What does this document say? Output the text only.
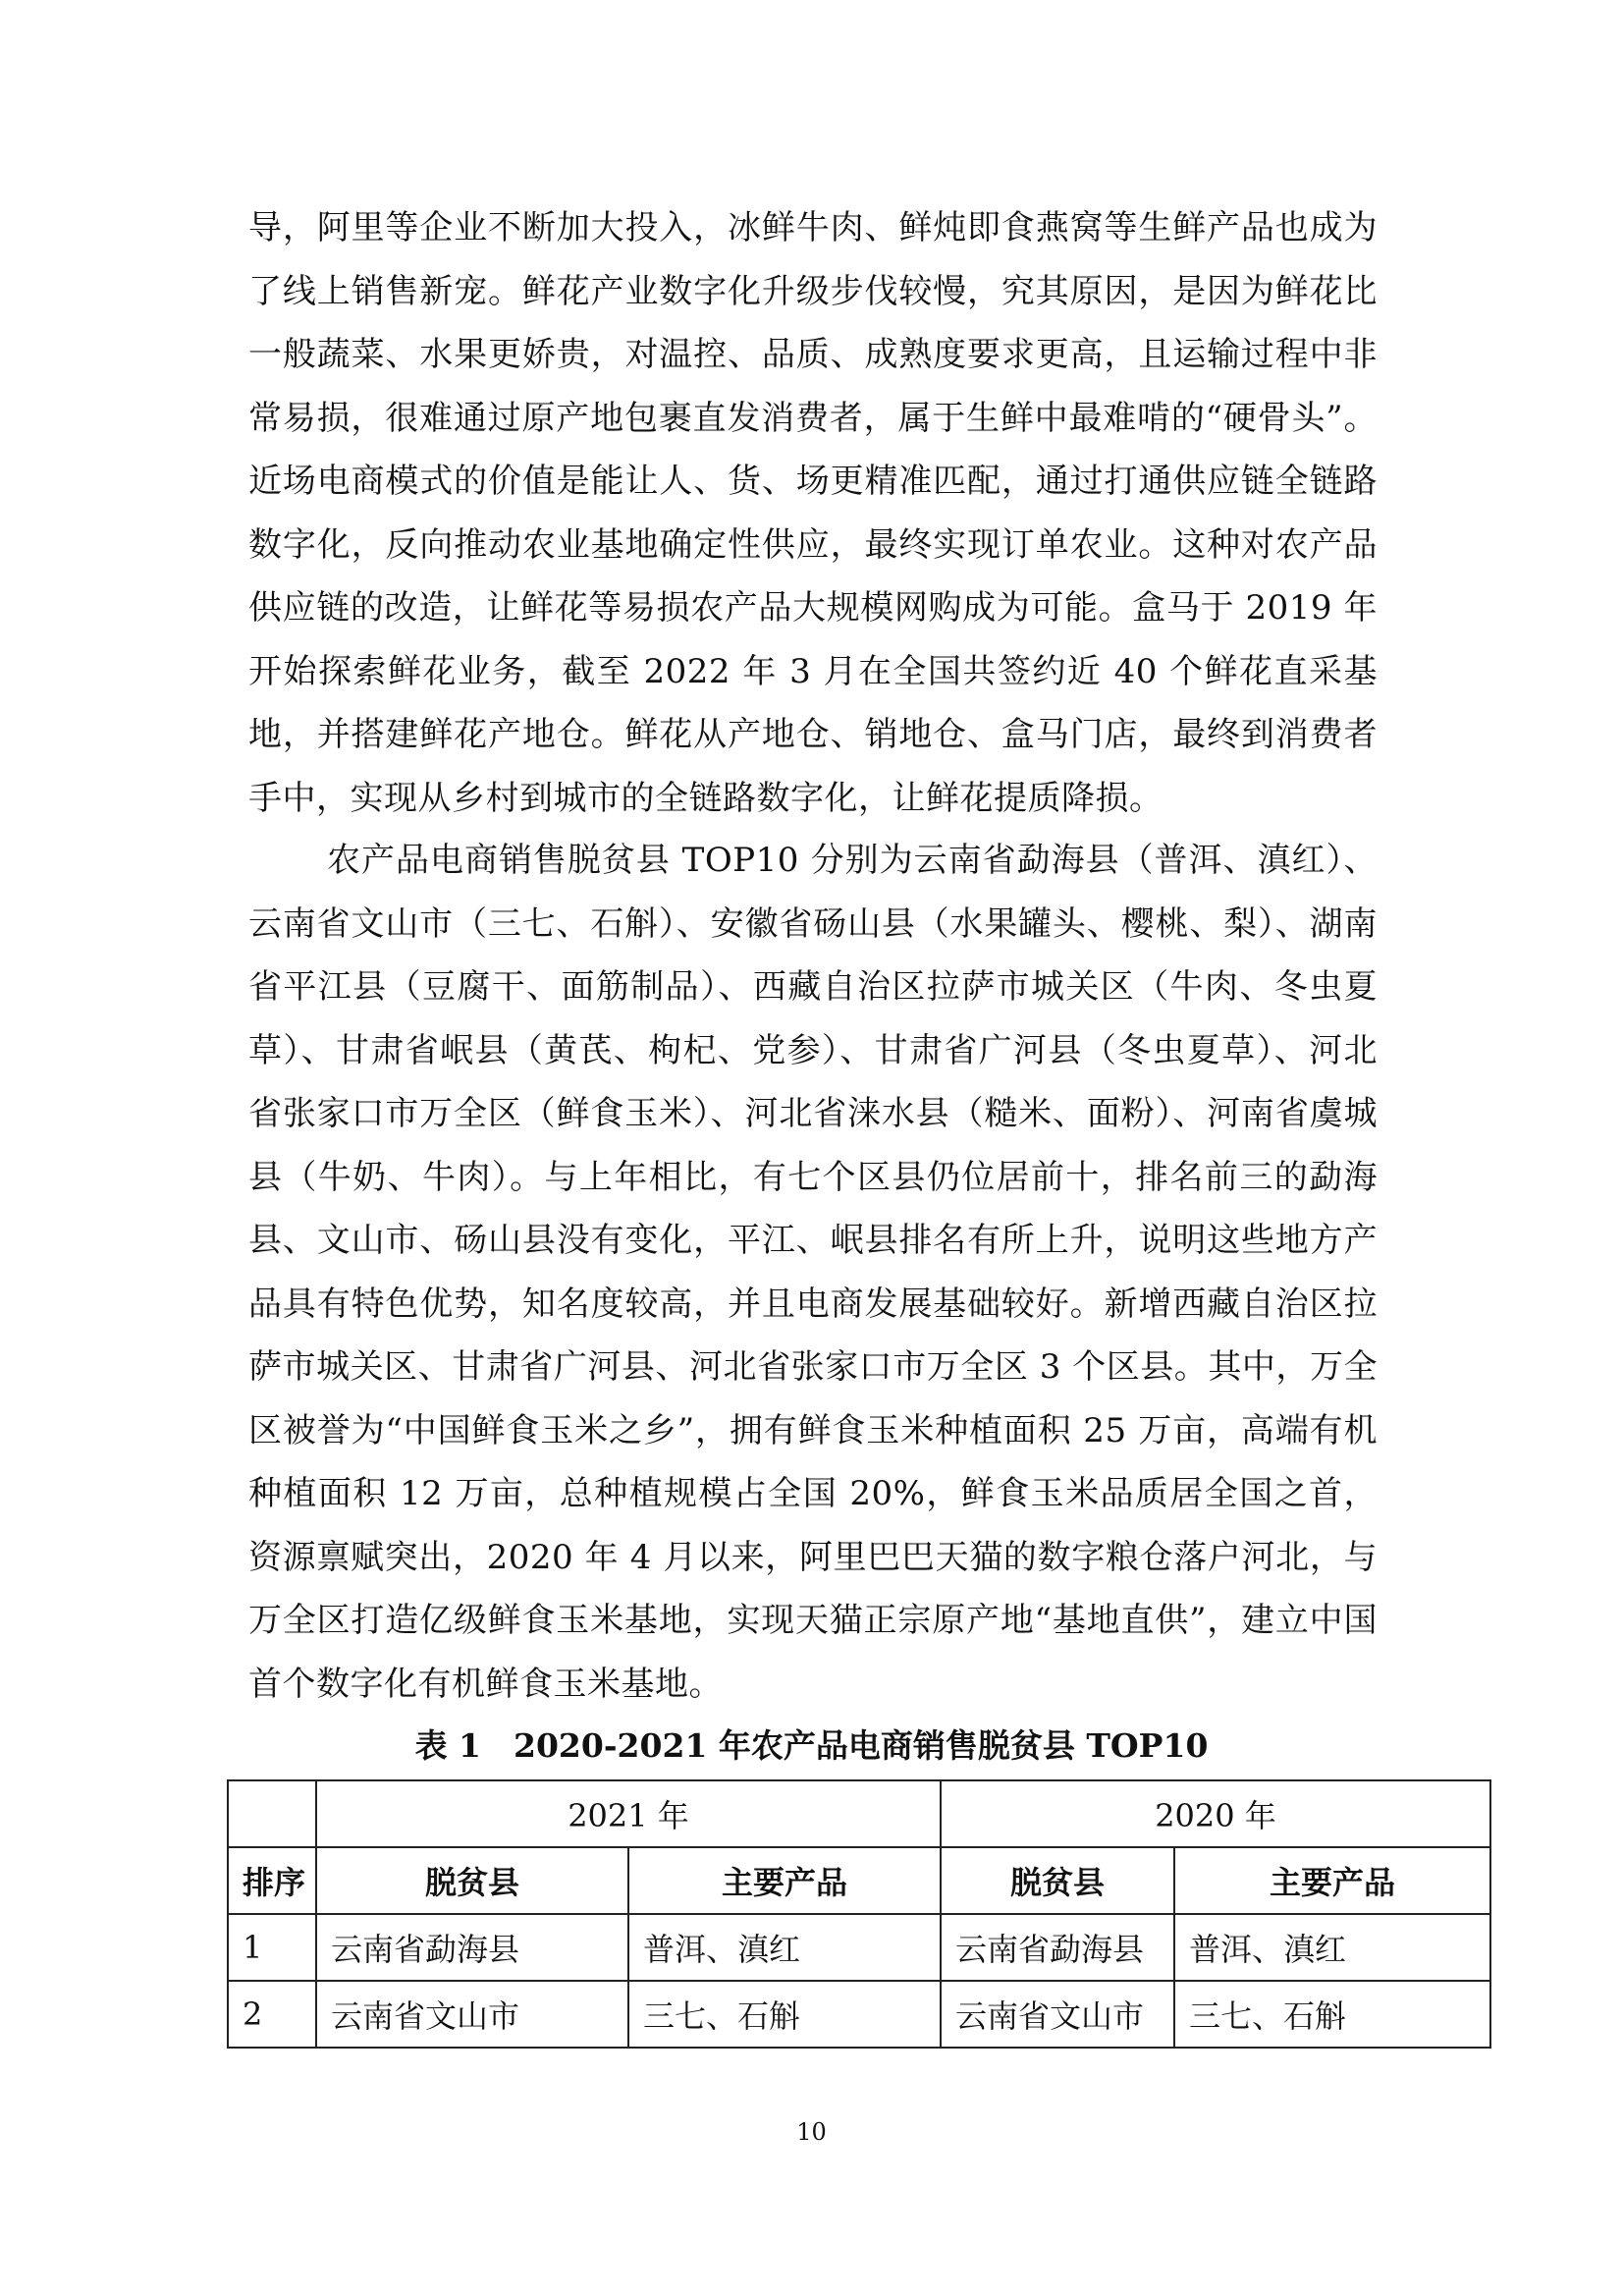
导，阿里等企业不断加大投入，冰鲜牛肉、鲜炖即食燕窝等生鲜产品也成为了线上销售新宠。鲜花产业数字化升级步伐较慢，究其原因，是因为鲜花比一般蔬菜、水果更娇贵，对温控、品质、成熟度要求更高，且运输过程中非常易损，很难通过原产地包裹直发消费者，属于生鲜中最难啃的“硬骨头”。近场电商模式的价值是能让人、货、场更精准匹配，通过打通供应链全链路数字化，反向推动农业基地确定性供应，最终实现订单农业。这种对农产品供应链的改造，让鲜花等易损农产品大规模网购成为可能。盒马于 2019 年开始探索鲜花业务，截至 2022 年 3 月在全国共签约近 40 个鲜花直采基地，并搭建鲜花产地仓。鲜花从产地仓、销地仓、盒马门店，最终到消费者手中，实现从乡村到城市的全链路数字化，让鲜花提质降损。

农产品电商销售脱贫县 TOP10 分别为云南省勐海县（普洱、滇红）、云南省文山市（三七、石斛）、安徽省砀山县（水果罐头、樱桃、梨）、湖南省平江县（豆腐干、面筋制品）、西藏自治区拉萨市城关区（牛肉、冬虫夏草）、甘肃省岷县（黄芪、枸杞、党参）、甘肃省广河县（冬虫夏草）、河北省张家口市万全区（鲜食玉米）、河北省涞水县（糙米、面粉）、河南省虞城县（牛奶、牛肉）。与上年相比，有七个区县仍位居前十，排名前三的勐海县、文山市、砀山县没有变化，平江、岷县排名有所上升，说明这些地方产品具有特色优势，知名度较高，并且电商发展基础较好。新增西藏自治区拉萨市城关区、甘肃省广河县、河北省张家口市万全区 3 个区县。其中，万全区被誉为“中国鲜食玉米之乡”，拥有鲜食玉米种植面积 25 万亩，高端有机种植面积 12 万亩，总种植规模占全国 20%，鲜食玉米品质居全国之首，资源禀赋突出，2020 年 4 月以来，阿里巴巴天猫的数字粮仓落户河北，与万全区打造亿级鲜食玉米基地，实现天猫正宗原产地“基地直供”，建立中国首个数字化有机鲜食玉米基地。

表 1　2020-2021 年农产品电商销售脱贫县 TOP10

	2021 年		2020 年	
排序	脱贫县	主要产品	脱贫县	主要产品
1	云南省勐海县	普洱、滇红	云南省勐海县	普洱、滇红
2	云南省文山市	三七、石斛	云南省文山市	三七、石斛
10
